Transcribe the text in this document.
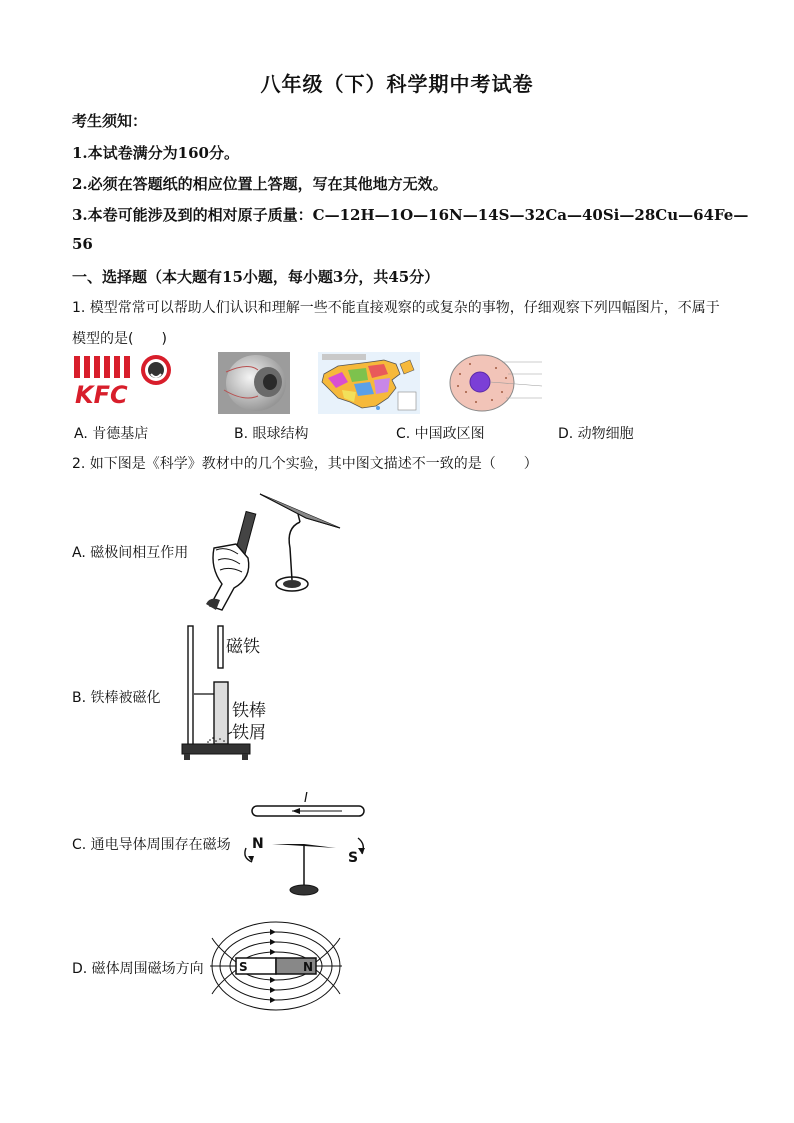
八年级（下）科学期中考试卷
考生须知：
1.本试卷满分为160分。
2.必须在答题纸的相应位置上答题，写在其他地方无效。
3.本卷可能涉及到的相对原子质量：C—12H—1O—16N—14S—32Ca—40Si—28Cu—64Fe—
56
一、选择题（本大题有15小题，每小题3分，共45分）
1. 模型常常可以帮助人们认识和理解一些不能直接观察的或复杂的事物，仔细观察下列四幅图片，不属于
模型的是(　　)
KFC
A. 肯德基店	B. 眼球结构	C. 中国政区图	D. 动物细胞
2. 如下图是《科学》教材中的几个实验，其中图文描述不一致的是（　　）
A. 磁极间相互作用
B. 铁棒被磁化
磁铁
铁棒
铁屑
C. 通电导体周围存在磁场
I
N
S
D. 磁体周围磁场方向	S	N
